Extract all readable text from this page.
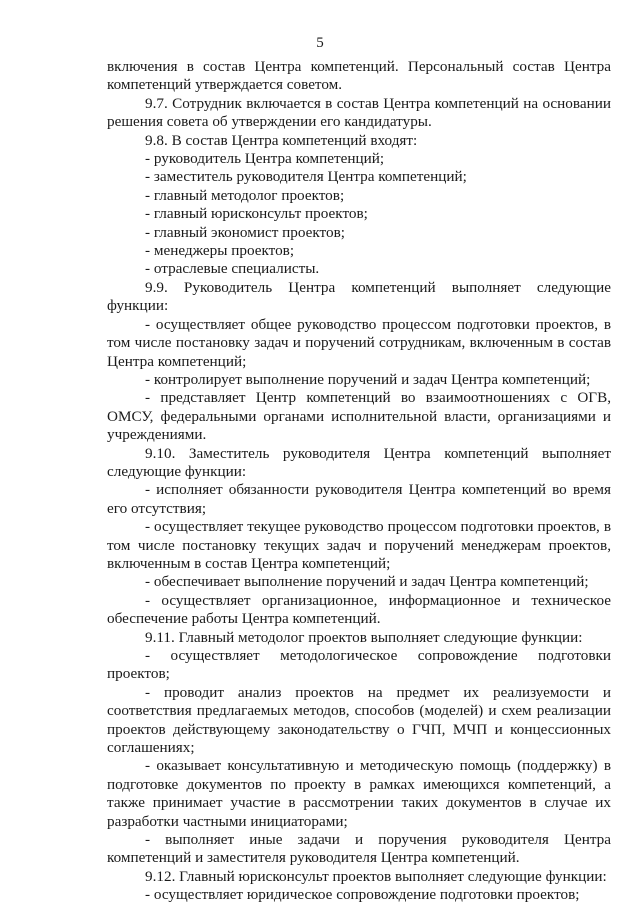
5

включения в состав Центра компетенций. Персональный состав Центра компетенций утверждается советом.

9.7. Сотрудник включается в состав Центра компетенций на основании решения совета об утверждении его кандидатуры.

9.8. В состав Центра компетенций входят:

- руководитель Центра компетенций;

- заместитель руководителя Центра компетенций;

- главный методолог проектов;

- главный юрисконсульт проектов;

- главный экономист проектов;

- менеджеры проектов;

- отраслевые специалисты.

9.9. Руководитель Центра компетенций выполняет следующие функции:

- осуществляет общее руководство процессом подготовки проектов, в том числе постановку задач и поручений сотрудникам, включенным в состав Центра компетенций;

- контролирует выполнение поручений и задач Центра компетенций;

- представляет Центр компетенций во взаимоотношениях с ОГВ, ОМСУ, федеральными органами исполнительной власти, организациями и учреждениями.

9.10. Заместитель руководителя Центра компетенций выполняет следующие функции:

- исполняет обязанности руководителя Центра компетенций во время его отсутствия;

- осуществляет текущее руководство процессом подготовки проектов, в том числе постановку текущих задач и поручений менеджерам проектов, включенным в состав Центра компетенций;

- обеспечивает выполнение поручений и задач Центра компетенций;

- осуществляет организационное, информационное и техническое обеспечение работы Центра компетенций.

9.11. Главный методолог проектов выполняет следующие функции:

- осуществляет методологическое сопровождение подготовки проектов;

- проводит анализ проектов на предмет их реализуемости и соответствия предлагаемых методов, способов (моделей) и схем реализации проектов действующему законодательству о ГЧП, МЧП и концессионных соглашениях;

- оказывает консультативную и методическую помощь (поддержку) в подготовке документов по проекту в рамках имеющихся компетенций, а также принимает участие в рассмотрении таких документов в случае их разработки частными инициаторами;

- выполняет иные задачи и поручения руководителя Центра компетенций и заместителя руководителя Центра компетенций.

9.12. Главный юрисконсульт проектов выполняет следующие функции:

- осуществляет юридическое сопровождение подготовки проектов;
